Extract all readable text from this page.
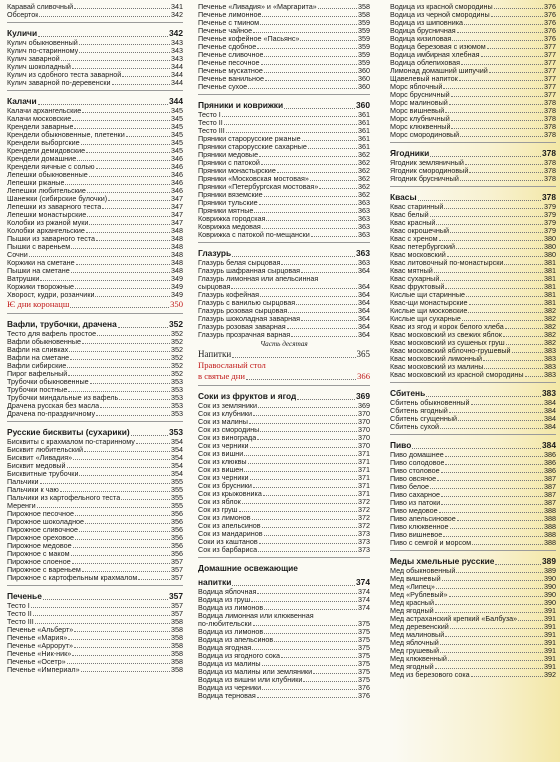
Каравай сливочный	341
Обсерток	342
Куличи	342
Кулич обыкновенный	343
Кулич по-старинному	343
Кулич заварной	343
Кулич шоколадный	344
Кулич из сдобного теста заварной	344
Кулич заварной по-деревенски	344
Калачи	344
Калачи архангельские	345
Калачи московские	345
Крендели заварные	345
Крендели обыкновенные, плетенки	345
Крендели выборгские	345
Крендели демидовские	345
Крендели домашние	346
Крендели яичные с солью	346
Лепешки обыкновенные	346
Лепешки ржаные	346
Лепешки любительские	346
Шанежки (сибирские булочки)	347
Лепешки из заварного теста	347
Лепешки монастырские	347
Колобки из ржаной муки	347
Колобки архангельские	348
Пышки из заварного теста	348
Пышки с вареньем	348
Сочни	348
Коржики на сметане	348
Пышки на сметане	348
Ватрушки	349
Коржики творожные	349
Хворост, кудри, розанчики	349
Ѥ дни коронацш	350
Вафли, трубочки, драчена	352
Тесто для вафель простое	352
Вафли обыкновенные	352
Вафли на сливках	352
Вафли на сметане	352
Вафли сибирские	352
Пирог вафельный	352
Трубочки обыкновенные	353
Трубочки постные	353
Трубочки миндальные из вафель	353
Драчена русская без масла	353
Драчена по-праздничному	353
Русские бисквиты (сухарики)	353
Бисквиты с крахмалом по-старинному	354
Бисквит любительский	354
Бисквит «Ливадия»	354
Бисквит медовый	354
Бисквитные трубочки	354
Пальчики	355
Пальчики к чаю	355
Пальчики из картофельного теста	355
Меренги	355
Пирожное песочное	356
Пирожное шоколадное	356
Пирожное сливочное	356
Пирожное ореховое	356
Пирожное медовое	356
Пирожное с маком	356
Пирожное слоеное	357
Пирожное с вареньем	357
Пирожное с картофельным крахмалом	357
Печенье	357
Тесто I	357
Тесто II	357
Тесто III	358
Печенье «Альберт»	358
Печенье «Мария»	358
Печенье «Аррорут»	358
Печенье «Ник-ник»	358
Печенье «Осетр»	358
Печенье «Империал»	358
Печенье «Ливадия» и «Маргарита»	358
Печенье лимонное	358
Печенье с тмином	359
Печенье чайное	359
Печенье кофейное «Пасьянс»	359
Печенье сдобное	359
Печенье сливочное	359
Печенье песочное	359
Печенье мускатное	360
Печенье ванильное	360
Печенье сухое	360
Пряники и коврижки	360
Тесто I	361
Тесто II	361
Тесто III	361
Пряники старорусские ржаные	361
Пряники старорусские сахарные	361
Пряники медовые	362
Пряники с патокой	362
Пряники монастырские	362
Пряники «Московская мостовая»	362
Пряники «Петербургская мостовая»	362
Пряники вяземские	362
Пряники тульские	363
Пряники мятные	363
Коврижка городская	363
Коврижка медовая	363
Коврижка с патокой по-мещански	363
Глазурь	363
Глазурь белая сырцовая	363
Глазурь шафранная сырцовая	364
Глазурь лимонная или апельсинная
сырцовая	364
Глазурь кофейная	364
Глазурь с ванилью сырцовая	364
Глазурь розовая сырцовая	364
Глазурь шоколадная заварная	364
Глазурь розовая заварная	364
Глазурь прозрачная варная	364
Часть десятая
Напитки	365
Правосланый стол
в святые дни	366
Соки из фруктов и ягод	369
Сок из земляники	369
Сок из клубники	370
Сок из малины	370
Сок из смородины	370
Сок из винограда	370
Сок из черники	370
Сок из вишни	371
Сок из клюквы	371
Сок из вишен	371
Сок из черники	371
Сок из брусники	371
Сок из крыжовника	371
Сок из яблок	372
Сок из груш	372
Сок из лимонов	372
Сок из апельсинов	372
Сок из мандаринов	373
Соки из каштанов	373
Сок из барбариса	373
Домашние освежающие
напитки	374
Водица яблочная	374
Водица из груш	374
Водица из лимонов	374
Водица лимонная или клюквенная
по-любительски	375
Водица из лимонов	375
Водица из апельсинов	375
Водица ягодная	375
Водица из ягодного сока	375
Водица из малины	375
Водица из малины или земляники	375
Водица из вишни или клубники	375
Водица из черники	376
Водица терновая	376
Водица из красной смородины	376
Водица из черной смородины	376
Водица из шиповника	376
Водица брусничная	376
Водица кизиловая	376
Водица березовая с изюмом	377
Водица имбирная хлебная	377
Водица облепиховая	377
Лимонад домашний шипучий	377
Щавелевый напиток	377
Морс яблочный	377
Морс брусничный	377
Морс малиновый	378
Морс вишневый	378
Морс клубничный	378
Морс клюквенный	378
Морс смородиновый	378
Ягодники	378
Ягодник земляничный	378
Ягодник смородиновый	378
Ягодник брусничный	378
Квасы	378
Квас старинный	379
Квас белый	379
Квас красный	379
Квас окрошечный	379
Квас с хреном	380
Квас петербургский	380
Квас московский	380
Квас литовочный по-монастырски	381
Квас мятный	381
Квас сухарный	381
Квас фруктовый	381
Кислые щи старинные	381
Квас-щи монастырские	381
Кислые щи московские	382
Кислые щи сухарные	382
Квас из ягод и корок белого хлеба	382
Квас московский из свежих яблок	382
Квас московский из сушеных груш	382
Квас московский яблочно-грушевый	383
Квас московский лимонный	383
Квас московский из малины	383
Квас московский из красной смородины	383
Сбитень	383
Сбитень обыкновенный	384
Сбитень ягодный	384
Сбитень сгущенный	384
Сбитень сухой	384
Пиво	384
Пиво домашнее	386
Пиво солодовое	386
Пиво столовое	386
Пиво овсяное	387
Пиво белое	387
Пиво сахарное	387
Пиво из патоки	387
Пиво медовое	388
Пиво апельсиновое	388
Пиво клюквенное	388
Пиво вишневое	388
Пиво с семгой и морсом	388
Меды хмельные русские	389
Мед обыкновенный	389
Мед вишневый	390
Мед «Липец»	390
Мед «Рублевый»	390
Мед красный	390
Мед ягодный	391
Мед астраханский крепкий «Балбуза»	391
Мед деревенский	391
Мед малиновый	391
Мед яблочный	391
Мед грушевый	391
Мед клюквенный	391
Мед ягодный	391
Мед из березового сока	392
